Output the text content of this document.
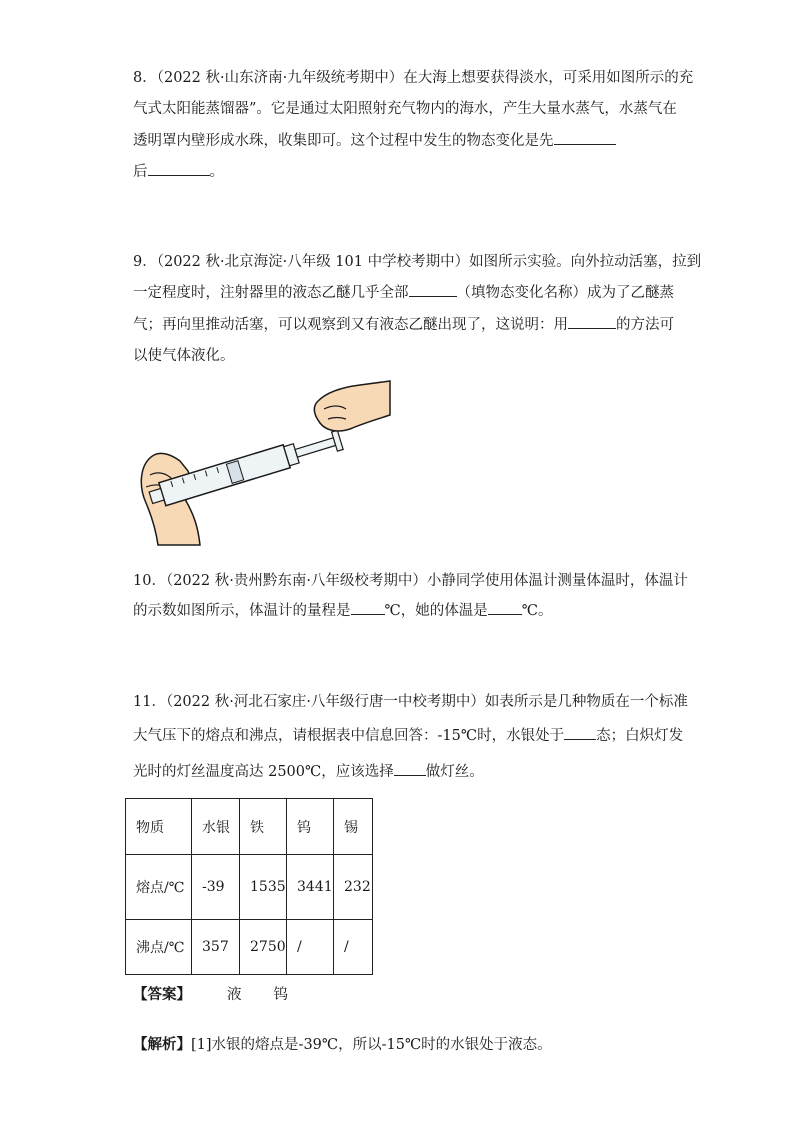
8．（2022 秋·山东济南·九年级统考期中）在大海上想要获得淡水，可采用如图所示的充
气式太阳能蒸馏器”。它是通过太阳照射充气物内的海水，产生大量水蒸气，水蒸气在
透明罩内壁形成水珠，收集即可。这个过程中发生的物态变化是先
后	。
9．（2022 秋·北京海淀·八年级 101 中学校考期中）如图所示实验。向外拉动活塞，拉到
一定程度时，注射器里的液态乙醚几乎全部	（填物态变化名称）成为了乙醚蒸
气；再向里推动活塞，可以观察到又有液态乙醚出现了，这说明：用	的方法可
以使气体液化。
10．（2022 秋·贵州黔东南·八年级校考期中）小静同学使用体温计测量体温时，体温计
的示数如图所示，体温计的量程是 ℃，她的体温是 ℃。
11．（2022 秋·河北石家庄·八年级行唐一中校考期中）如表所示是几种物质在一个标准
大气压下的熔点和沸点，请根据表中信息回答：-15℃时，水银处于 态；白炽灯发
光时的灯丝温度高达 2500℃，应该选择 做灯丝。
物质	水银	铁	钨	锡
熔点/℃	-39	1535	3441	232
沸点/℃	357	2750	/	/
【答案】 液 钨
【解析】[1]水银的熔点是-39℃，所以-15℃时的水银处于液态。
